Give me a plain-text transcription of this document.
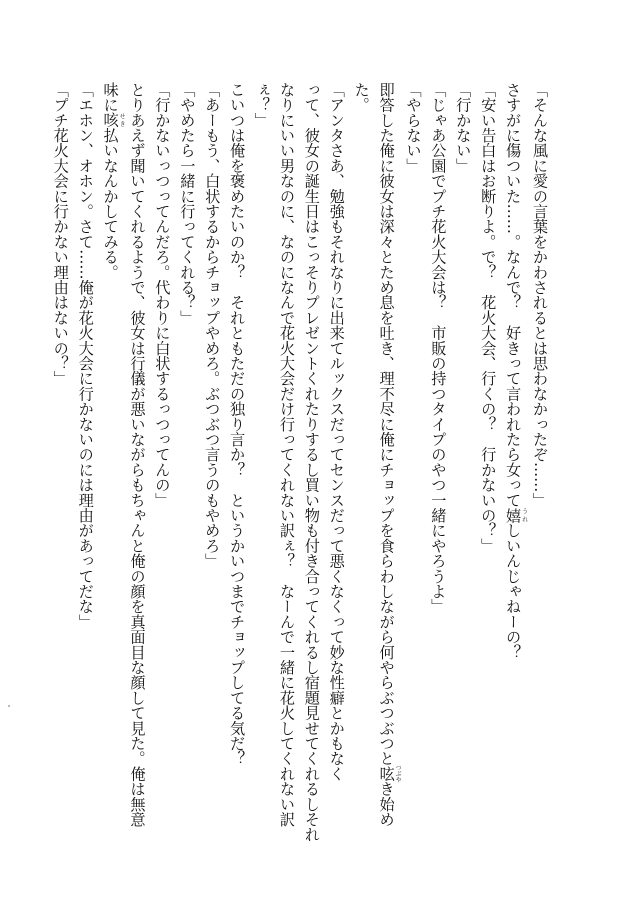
「そんな風に愛の言葉をかわされるとは思わなかったぞ……」
さすがに傷ついた……。なんで？　好きって言われたら女って嬉うれしいんじゃねーの？
「安い告白はお断りよ。で？　花火大会、行くの？　行かないの？」
「行かない」
「じゃあ公園でプチ花火大会は？　市販の持つタイプのやつ一緒にやろうよ」
「やらない」
即答した俺に彼女は深々とため息を吐き、理不尽に俺にチョップを食らわしながら何やらぶつぶつと呟つぶやき始め
た。
「アンタさあ、勉強もそれなりに出来てルックスだってセンスだって悪くなくって妙な性癖とかもなく
って、彼女の誕生日はこっそりプレゼントくれたりするし買い物も付き合ってくれるし宿題見せてくれるしそれ
なりにいい男なのに、なのになんで花火大会だけ行ってくれない訳ぇ？　なーんで一緒に花火してくれない訳
ぇ？」
こいつは俺を褒めたいのか？　それともただの独り言か？　というかいつまでチョップしてる気だ？
「あーもう、白状するからチョップやめろ。ぶつぶつ言うのもやめろ」
「やめたら一緒に行ってくれる？」
「行かないっつってんだろ。代わりに白状するっつってんの」
とりあえず聞いてくれるようで、彼女は行儀が悪いながらもちゃんと俺の顔を真面目な顔して見た。俺は無意
味に咳せき払いなんかしてみる。
「エホン、オホン。さて……俺が花火大会に行かないのには理由があってだな」
「プチ花火大会に行かない理由はないの？」
